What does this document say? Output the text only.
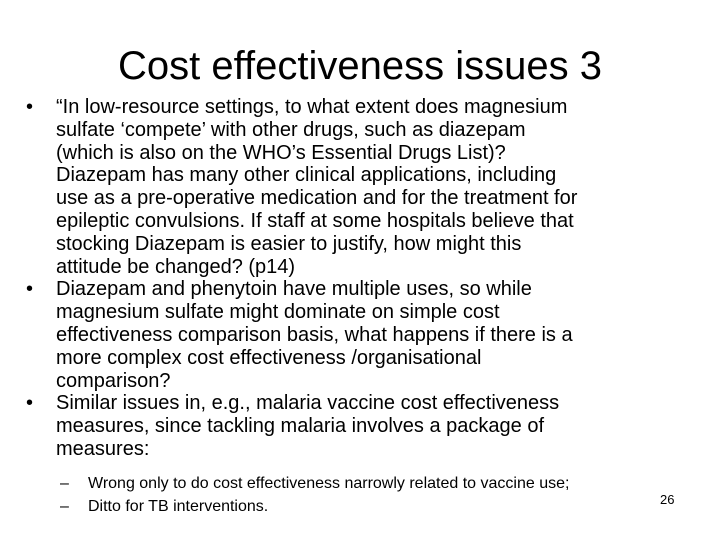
Cost effectiveness issues 3
•	“In low-resource settings, to what extent does magnesium
sulfate ‘compete’ with other drugs, such as diazepam
(which is also on the WHO’s Essential Drugs List)?
Diazepam has many other clinical applications, including
use as a pre-operative medication and for the treatment for
epileptic convulsions. If staff at some hospitals believe that
stocking Diazepam is easier to justify, how might this
attitude be changed? (p14)
•	Diazepam and phenytoin have multiple uses, so while
magnesium sulfate might dominate on simple cost
effectiveness comparison basis, what happens if there is a
more complex cost effectiveness /organisational
comparison?
•	Similar issues in, e.g., malaria vaccine cost effectiveness
measures, since tackling malaria involves a package of
measures:
– Wrong only to do cost effectiveness narrowly related to vaccine use;
– Ditto for TB interventions.	26
